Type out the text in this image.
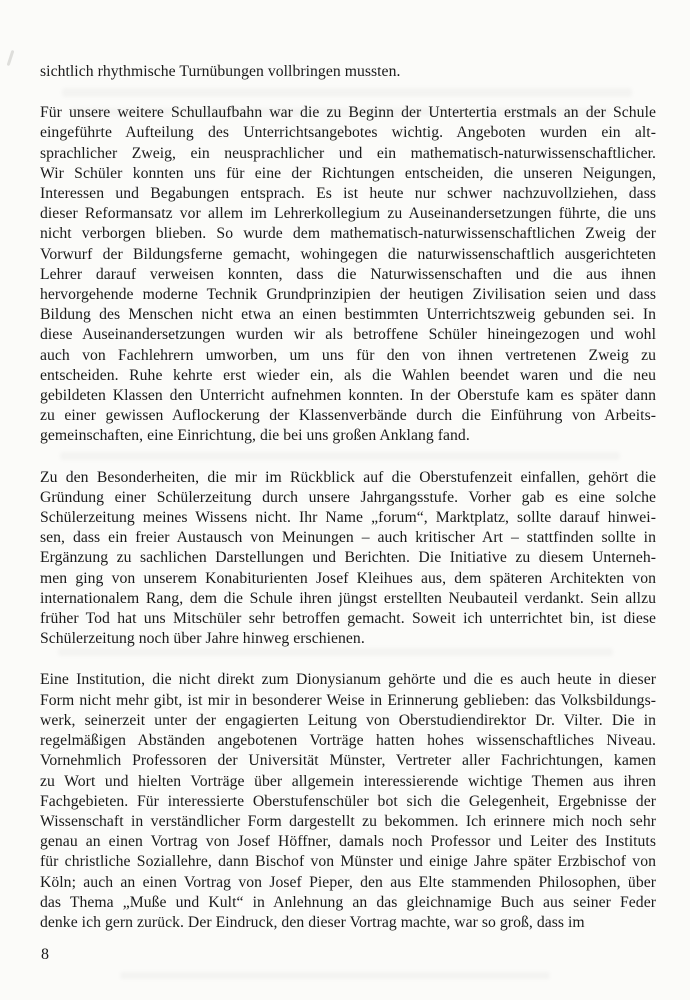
sichtlich rhythmische Turnübungen vollbringen mussten.
Für unsere weitere Schullaufbahn war die zu Beginn der Untertertia erstmals an der Schule
eingeführte Aufteilung des Unterrichtsangebotes wichtig. Angeboten wurden ein alt-
sprachlicher Zweig, ein neusprachlicher und ein mathematisch-naturwissenschaftlicher.
Wir Schüler konnten uns für eine der Richtungen entscheiden, die unseren Neigungen,
Interessen und Begabungen entsprach. Es ist heute nur schwer nachzuvollziehen, dass
dieser Reformansatz vor allem im Lehrerkollegium zu Auseinandersetzungen führte, die uns
nicht verborgen blieben. So wurde dem mathematisch-naturwissenschaftlichen Zweig der
Vorwurf der Bildungsferne gemacht, wohingegen die naturwissenschaftlich ausgerichteten
Lehrer darauf verweisen konnten, dass die Naturwissenschaften und die aus ihnen
hervorgehende moderne Technik Grundprinzipien der heutigen Zivilisation seien und dass
Bildung des Menschen nicht etwa an einen bestimmten Unterrichtszweig gebunden sei. In
diese Auseinandersetzungen wurden wir als betroffene Schüler hineingezogen und wohl
auch von Fachlehrern umworben, um uns für den von ihnen vertretenen Zweig zu
entscheiden. Ruhe kehrte erst wieder ein, als die Wahlen beendet waren und die neu
gebildeten Klassen den Unterricht aufnehmen konnten. In der Oberstufe kam es später dann
zu einer gewissen Auflockerung der Klassenverbände durch die Einführung von Arbeits-
gemeinschaften, eine Einrichtung, die bei uns großen Anklang fand.
Zu den Besonderheiten, die mir im Rückblick auf die Oberstufenzeit einfallen, gehört die
Gründung einer Schülerzeitung durch unsere Jahrgangsstufe. Vorher gab es eine solche
Schülerzeitung meines Wissens nicht. Ihr Name „forum“, Marktplatz, sollte darauf hinwei-
sen, dass ein freier Austausch von Meinungen – auch kritischer Art – stattfinden sollte in
Ergänzung zu sachlichen Darstellungen und Berichten. Die Initiative zu diesem Unterneh-
men ging von unserem Konabiturienten Josef Kleihues aus, dem späteren Architekten von
internationalem Rang, dem die Schule ihren jüngst erstellten Neubauteil verdankt. Sein allzu
früher Tod hat uns Mitschüler sehr betroffen gemacht. Soweit ich unterrichtet bin, ist diese
Schülerzeitung noch über Jahre hinweg erschienen.
Eine Institution, die nicht direkt zum Dionysianum gehörte und die es auch heute in dieser
Form nicht mehr gibt, ist mir in besonderer Weise in Erinnerung geblieben: das Volksbildungs-
werk, seinerzeit unter der engagierten Leitung von Oberstudiendirektor Dr. Vilter. Die in
regelmäßigen Abständen angebotenen Vorträge hatten hohes wissenschaftliches Niveau.
Vornehmlich Professoren der Universität Münster, Vertreter aller Fachrichtungen, kamen
zu Wort und hielten Vorträge über allgemein interessierende wichtige Themen aus ihren
Fachgebieten. Für interessierte Oberstufenschüler bot sich die Gelegenheit, Ergebnisse der
Wissenschaft in verständlicher Form dargestellt zu bekommen. Ich erinnere mich noch sehr
genau an einen Vortrag von Josef Höffner, damals noch Professor und Leiter des Instituts
für christliche Soziallehre, dann Bischof von Münster und einige Jahre später Erzbischof von
Köln; auch an einen Vortrag von Josef Pieper, den aus Elte stammenden Philosophen, über
das Thema „Muße und Kult“ in Anlehnung an das gleichnamige Buch aus seiner Feder
denke ich gern zurück. Der Eindruck, den dieser Vortrag machte, war so groß, dass im
8
